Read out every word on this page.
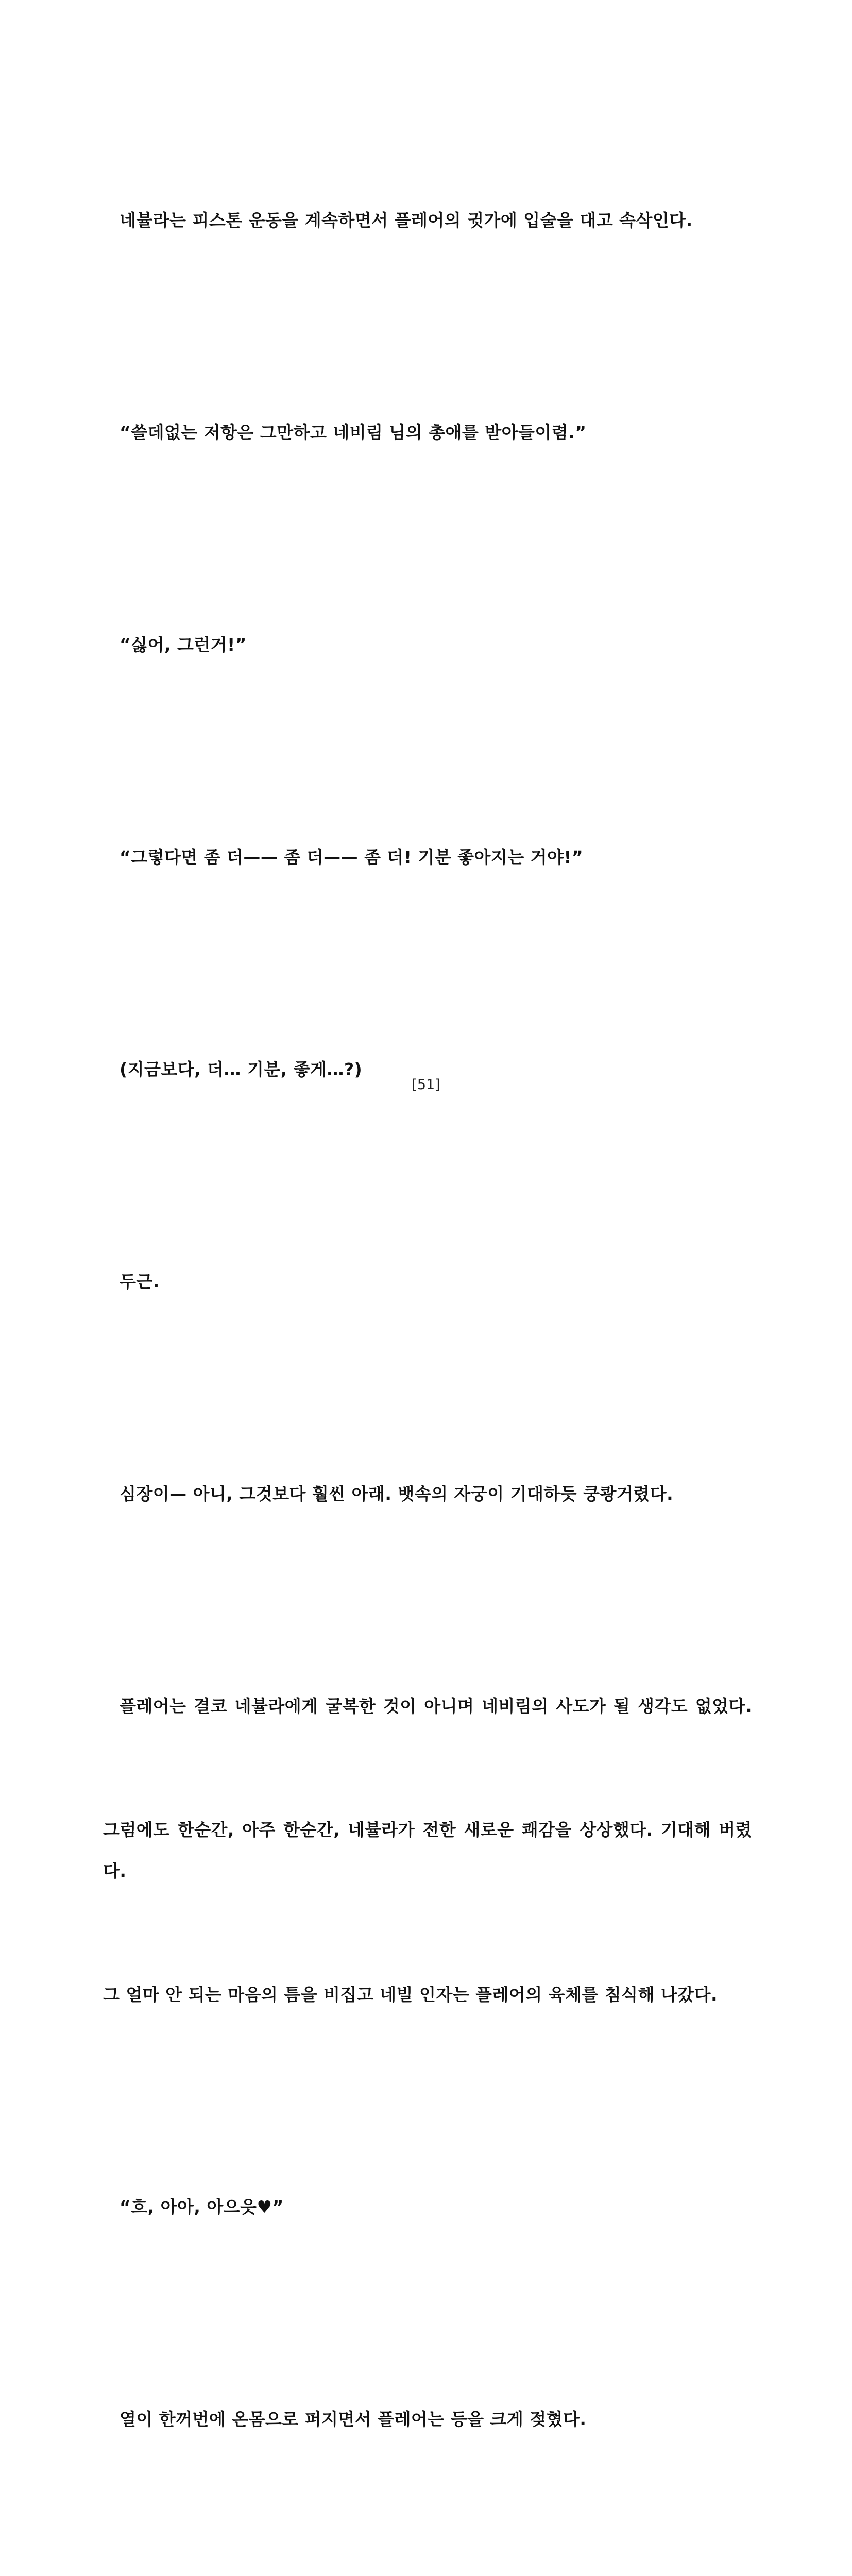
네뷸라는 피스톤 운동을 계속하면서 플레어의 귓가에 입술을 대고 속삭인다.

“쓸데없는 저항은 그만하고 네비림 님의 총애를 받아들이렴.”

“싫어, 그런거!”

“그렇다면 좀 더—— 좀 더—— 좀 더! 기분 좋아지는 거야!”

(지금보다, 더… 기분, 좋게…?)

두근.

심장이— 아니, 그것보다 훨씬 아래. 뱃속의 자궁이 기대하듯 쿵쾅거렸다.

플레어는 결코 네뷸라에게 굴복한 것이 아니며 네비림의 사도가 될 생각도 없었다.

그럼에도 한순간, 아주 한순간, 네뷸라가 전한 새로운 쾌감을 상상했다. 기대해 버렸다.

그 얼마 안 되는 마음의 틈을 비집고 네빌 인자는 플레어의 육체를 침식해 나갔다.

“흐, 아아, 아으읏♥”

열이 한꺼번에 온몸으로 퍼지면서 플레어는 등을 크게 젖혔다.

[51]
